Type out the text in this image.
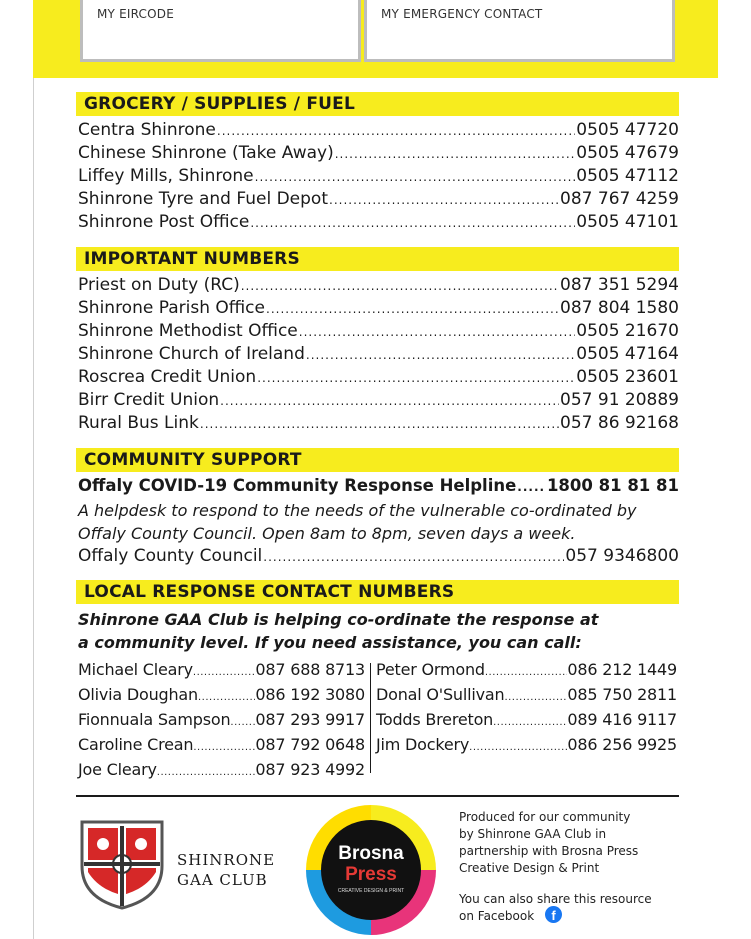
MY EIRCODE	MY EMERGENCY CONTACT
GROCERY / SUPPLIES / FUEL
Centra Shinrone .....	0505 47720
Chinese Shinrone (Take Away) .....	0505 47679
Liffey Mills, Shinrone .....	0505 47112
Shinrone Tyre and Fuel Depot .....	087 767 4259
Shinrone Post Office .....	0505 47101
IMPORTANT NUMBERS
Priest on Duty (RC) .....	087 351 5294
Shinrone Parish Office .....	087 804 1580
Shinrone Methodist Office .....	0505 21670
Shinrone Church of Ireland .....	0505 47164
Roscrea Credit Union .....	0505 23601
Birr Credit Union .....	057 91 20889
Rural Bus Link .....	057 86 92168
COMMUNITY SUPPORT
Offaly COVID-19 Community Response Helpline ..... 1800 81 81 81
A helpdesk to respond to the needs of the vulnerable co-ordinated by
Offaly County Council. Open 8am to 8pm, seven days a week.
Offaly County Council .....	057 9346800
LOCAL RESPONSE CONTACT NUMBERS
Shinrone GAA Club is helping co-ordinate the response at
a community level. If you need assistance, you can call:
Michael Cleary .....	087 688 8713
Olivia Doughan .....	086 192 3080
Fionnuala Sampson ..... 087 293 9917
Caroline Crean .....	087 792 0648
Joe Cleary .....	087 923 4992
Peter Ormond .....	086 212 1449
Donal O'Sullivan .....	085 750 2811
Todds Brereton .....	089 416 9117
Jim Dockery .....	086 256 9925
SHINRONE
GAA CLUB
Brosna
Press
CREATIVE DESIGN & PRINT
Produced for our community
by Shinrone GAA Club in
partnership with Brosna Press
Creative Design & Print
You can also share this resource
on Facebook	f
